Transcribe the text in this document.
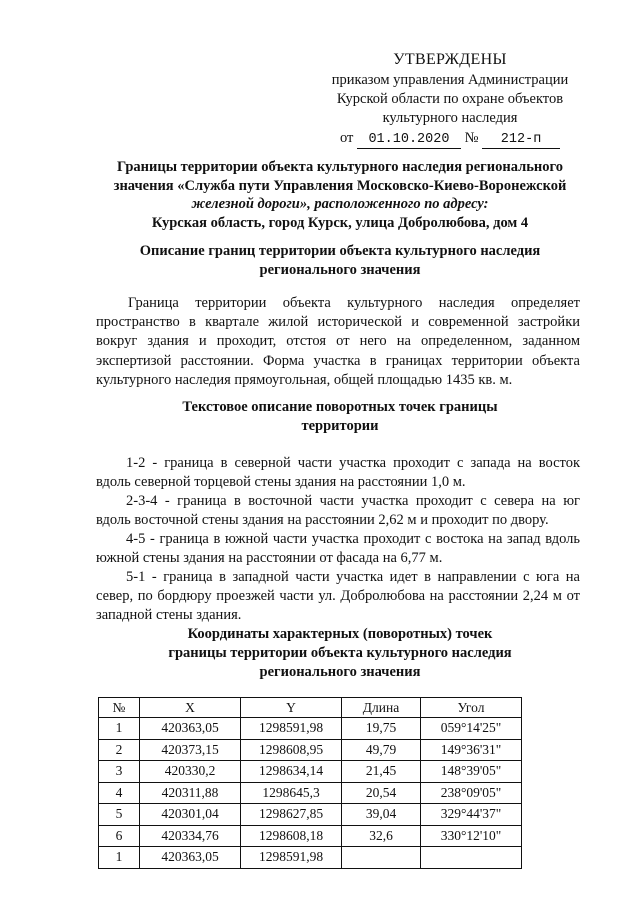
УТВЕРЖДЕНЫ
приказом управления Администрации
Курской области по охране объектов
культурного наследия
от 01.10.2020 № 212-п
Границы территории объекта культурного наследия регионального
значения «Служба пути Управления Московско-Киево-Воронежской
железной дороги», расположенного по адресу:
Курская область, город Курск, улица Добролюбова, дом 4
Описание границ территории объекта культурного наследия
регионального значения
Граница территории объекта культурного наследия определяет
пространство в квартале жилой исторической и современной застройки
вокруг здания и проходит, отстоя от него на определенном, заданном
экспертизой расстоянии. Форма участка в границах территории объекта
культурного наследия прямоугольная, общей площадью 1435 кв. м.
Текстовое описание поворотных точек границы
территории
1-2 - граница в северной части участка проходит с запада на восток
вдоль северной торцевой стены здания на расстоянии 1,0 м.
2-3-4 - граница в восточной части участка проходит с севера на юг
вдоль восточной стены здания на расстоянии 2,62 м и проходит по двору.
4-5 - граница в южной части участка проходит с востока на запад вдоль
южной стены здания на расстоянии от фасада на 6,77 м.
5-1 - граница в западной части участка идет в направлении с юга на
север, по бордюру проезжей части ул. Добролюбова на расстоянии 2,24 м от
западной стены здания.
Координаты характерных (поворотных) точек
границы территории объекта культурного наследия
регионального значения
№	X	Y	Длина	Угол
1	420363,05	1298591,98	19,75	059°14'25"
2	420373,15	1298608,95	49,79	149°36'31"
3	420330,2	1298634,14	21,45	148°39'05"
4	420311,88	1298645,3	20,54	238°09'05"
5	420301,04	1298627,85	39,04	329°44'37"
6	420334,76	1298608,18	32,6	330°12'10"
1	420363,05	1298591,98		
